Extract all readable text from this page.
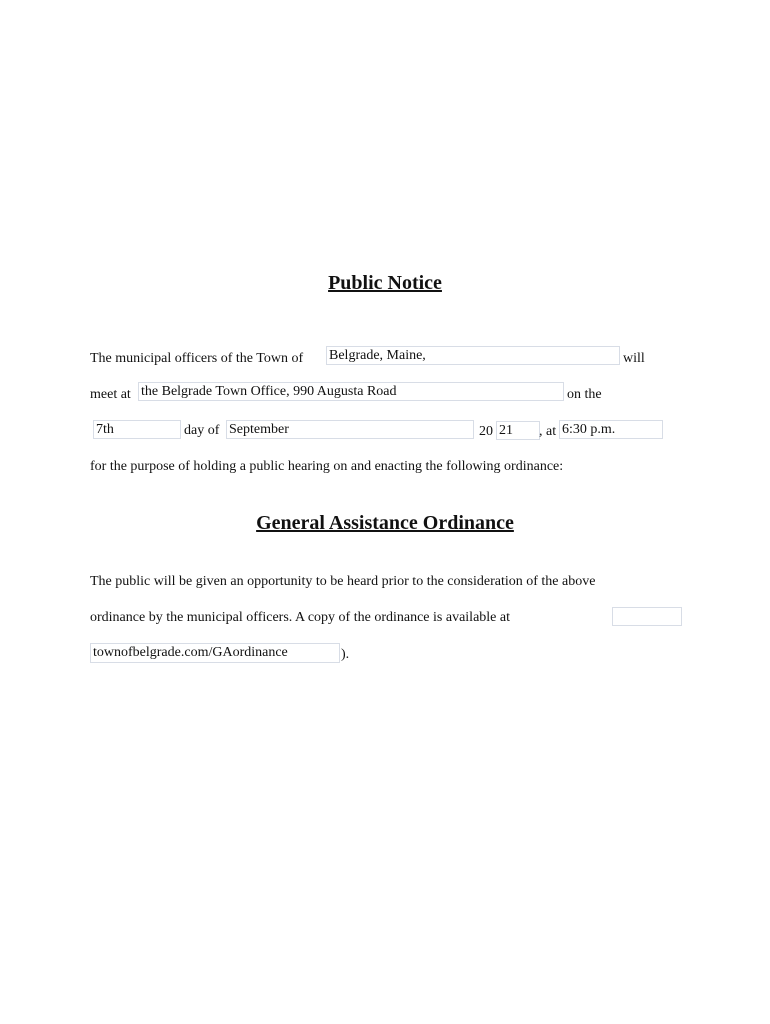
Public Notice
The municipal officers of the Town of Belgrade, Maine,	will
meet at the Belgrade Town Office, 990 Augusta Road	on the
7th	day of September	20 21	, at 6:30 p.m.
for the purpose of holding a public hearing on and enacting the following ordinance:
General Assistance Ordinance
The public will be given an opportunity to be heard prior to the consideration of the above
ordinance by the municipal officers. A copy of the ordinance is available at
townofbelgrade.com/GAordinance	).
